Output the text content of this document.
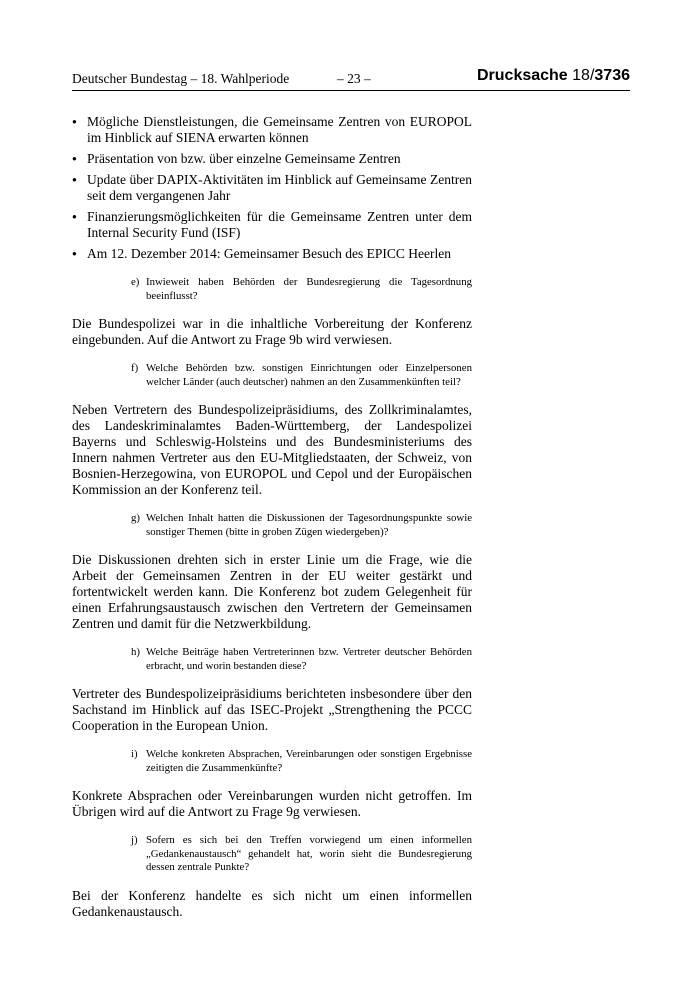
Deutscher Bundestag – 18. Wahlperiode	– 23 –	Drucksache 18/3736
● Mögliche Dienstleistungen, die Gemeinsame Zentren von EUROPOL im Hinblick auf SIENA erwarten können
● Präsentation von bzw. über einzelne Gemeinsame Zentren
● Update über DAPIX-Aktivitäten im Hinblick auf Gemeinsame Zentren seit dem vergangenen Jahr
● Finanzierungsmöglichkeiten für die Gemeinsame Zentren unter dem Internal Security Fund (ISF)
● Am 12. Dezember 2014: Gemeinsamer Besuch des EPICC Heerlen
e) Inwieweit haben Behörden der Bundesregierung die Tagesordnung beeinflusst?

Die Bundespolizei war in die inhaltliche Vorbereitung der Konferenz eingebunden. Auf die Antwort zu Frage 9b wird verwiesen.

f) Welche Behörden bzw. sonstigen Einrichtungen oder Einzelpersonen welcher Länder (auch deutscher) nahmen an den Zusammenkünften teil?

Neben Vertretern des Bundespolizeipräsidiums, des Zollkriminalamtes, des Landeskriminalamtes Baden-Württemberg, der Landespolizei Bayerns und Schleswig-Holsteins und des Bundesministeriums des Innern nahmen Vertreter aus den EU-Mitgliedstaaten, der Schweiz, von Bosnien-Herzegowina, von EUROPOL und Cepol und der Europäischen Kommission an der Konferenz teil.

g) Welchen Inhalt hatten die Diskussionen der Tagesordnungspunkte sowie sonstiger Themen (bitte in groben Zügen wiedergeben)?

Die Diskussionen drehten sich in erster Linie um die Frage, wie die Arbeit der Gemeinsamen Zentren in der EU weiter gestärkt und fortentwickelt werden kann. Die Konferenz bot zudem Gelegenheit für einen Erfahrungsaustausch zwischen den Vertretern der Gemeinsamen Zentren und damit für die Netzwerkbildung.

h) Welche Beiträge haben Vertreterinnen bzw. Vertreter deutscher Behörden erbracht, und worin bestanden diese?

Vertreter des Bundespolizeipräsidiums berichteten insbesondere über den Sachstand im Hinblick auf das ISEC-Projekt „Strengthening the PCCC Cooperation in the European Union.

i) Welche konkreten Absprachen, Vereinbarungen oder sonstigen Ergebnisse zeitigten die Zusammenkünfte?

Konkrete Absprachen oder Vereinbarungen wurden nicht getroffen. Im Übrigen wird auf die Antwort zu Frage 9g verwiesen.

j) Sofern es sich bei den Treffen vorwiegend um einen informellen „Gedankenaustausch“ gehandelt hat, worin sieht die Bundesregierung dessen zentrale Punkte?

Bei der Konferenz handelte es sich nicht um einen informellen Gedankenaustausch.
